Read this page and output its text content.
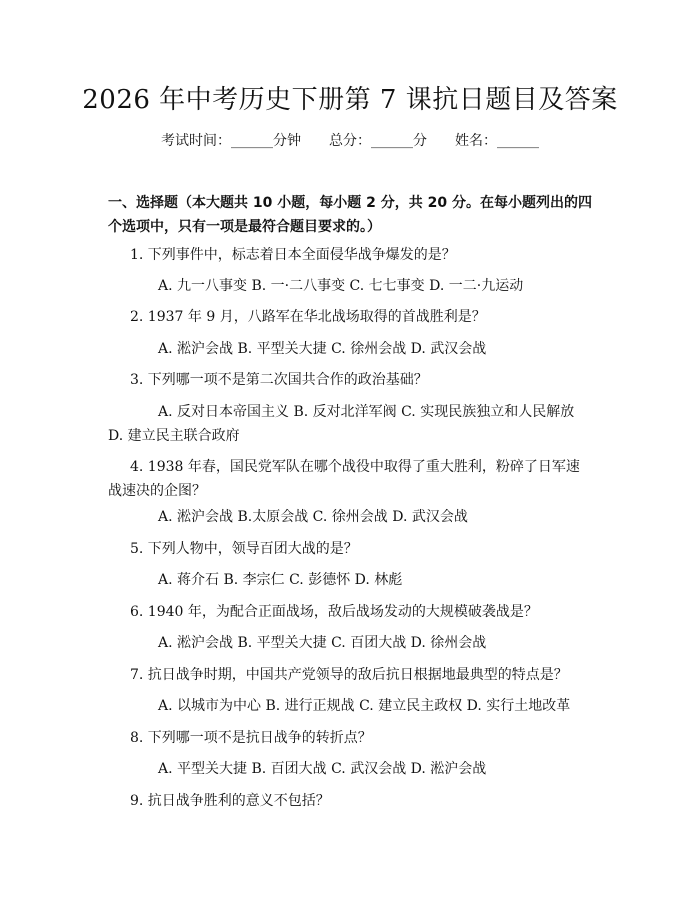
2026 年中考历史下册第 7 课抗日题目及答案
考试时间：______分钟 总分：______分 姓名：______
一、选择题（本大题共 10 小题，每小题 2 分，共 20 分。在每小题列出的四个选项中，只有一项是最符合题目要求的。）
1. 下列事件中，标志着日本全面侵华战争爆发的是？
A. 九一八事变 B. 一·二八事变 C. 七七事变 D. 一二·九运动
2. 1937 年 9 月，八路军在华北战场取得的首战胜利是？
A. 淞沪会战 B. 平型关大捷 C. 徐州会战 D. 武汉会战
3. 下列哪一项不是第二次国共合作的政治基础？
A. 反对日本帝国主义 B. 反对北洋军阀 C. 实现民族独立和人民解放 D. 建立民主联合政府
4. 1938 年春，国民党军队在哪个战役中取得了重大胜利，粉碎了日军速战速决的企图？
A. 淞沪会战 B.太原会战 C. 徐州会战 D. 武汉会战
5. 下列人物中，领导百团大战的是？
A. 蒋介石 B. 李宗仁 C. 彭德怀 D. 林彪
6. 1940 年，为配合正面战场，敌后战场发动的大规模破袭战是？
A. 淞沪会战 B. 平型关大捷 C. 百团大战 D. 徐州会战
7. 抗日战争时期，中国共产党领导的敌后抗日根据地最典型的特点是？
A. 以城市为中心 B. 进行正规战 C. 建立民主政权 D. 实行土地改革
8. 下列哪一项不是抗日战争的转折点？
A. 平型关大捷 B. 百团大战 C. 武汉会战 D. 淞沪会战
9. 抗日战争胜利的意义不包括？
